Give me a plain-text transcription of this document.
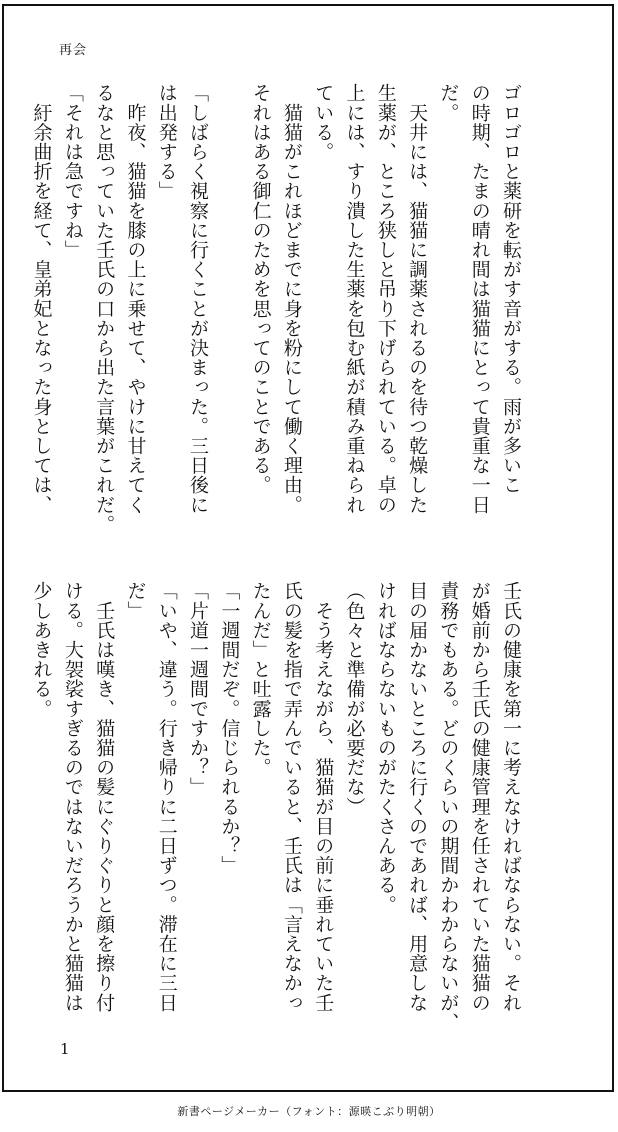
再会
ゴロゴロと薬研を転がす音がする。雨が多いこ
の時期、たまの晴れ間は猫猫にとって貴重な一日
だ。
　天井には、猫猫に調薬されるのを待つ乾燥した
生薬が、ところ狭しと吊り下げられている。卓の
上には、すり潰した生薬を包む紙が積み重ねられ
ている。
　猫猫がこれほどまでに身を粉にして働く理由。
それはある御仁のためを思ってのことである。

「しばらく視察に行くことが決まった。三日後に
は出発する」
　昨夜、猫猫を膝の上に乗せて、やけに甘えてく
るなと思っていた壬氏の口から出た言葉がこれだ。
「それは急ですね」
　紆余曲折を経て、皇弟妃となった身としては、
壬氏の健康を第一に考えなければならない。それ
が婚前から壬氏の健康管理を任されていた猫猫の
責務でもある。どのくらいの期間かわからないが、
目の届かないところに行くのであれば、用意しな
ければならないものがたくさんある。
（色々と準備が必要だな）
　そう考えながら、猫猫が目の前に垂れていた壬
氏の髪を指で弄んでいると、壬氏は「言えなかっ
たんだ」と吐露した。
「一週間だぞ。信じられるか？」
「片道一週間ですか？」
「いや、違う。行き帰りに二日ずつ。滞在に三日
だ」
　壬氏は嘆き、猫猫の髪にぐりぐりと顔を擦り付
ける。大袈裟すぎるのではないだろうかと猫猫は
少しあきれる。
1
新書ページメーカー（フォント：源暎こぶり明朝）
